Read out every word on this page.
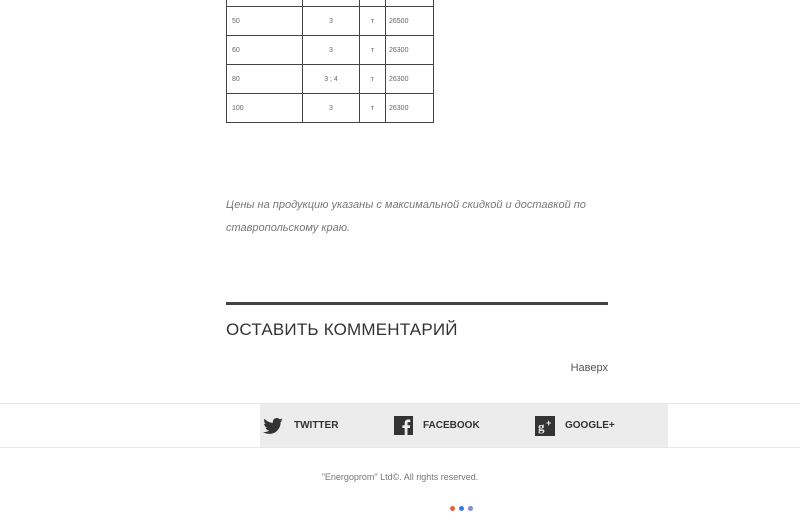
50	3	т	26500
60	3	т	26300
80	3 ; 4	т	26300
100	3	т	26300

Цены на продукцию указаны с максимальной скидкой и доставкой по ставропольскому краю.

ОСТАВИТЬ КОММЕНТАРИЙ
Наверх
TWITTER	FACEBOOK	g + GOOGLE+
"Energoprom" Ltd©. All rights reserved.
